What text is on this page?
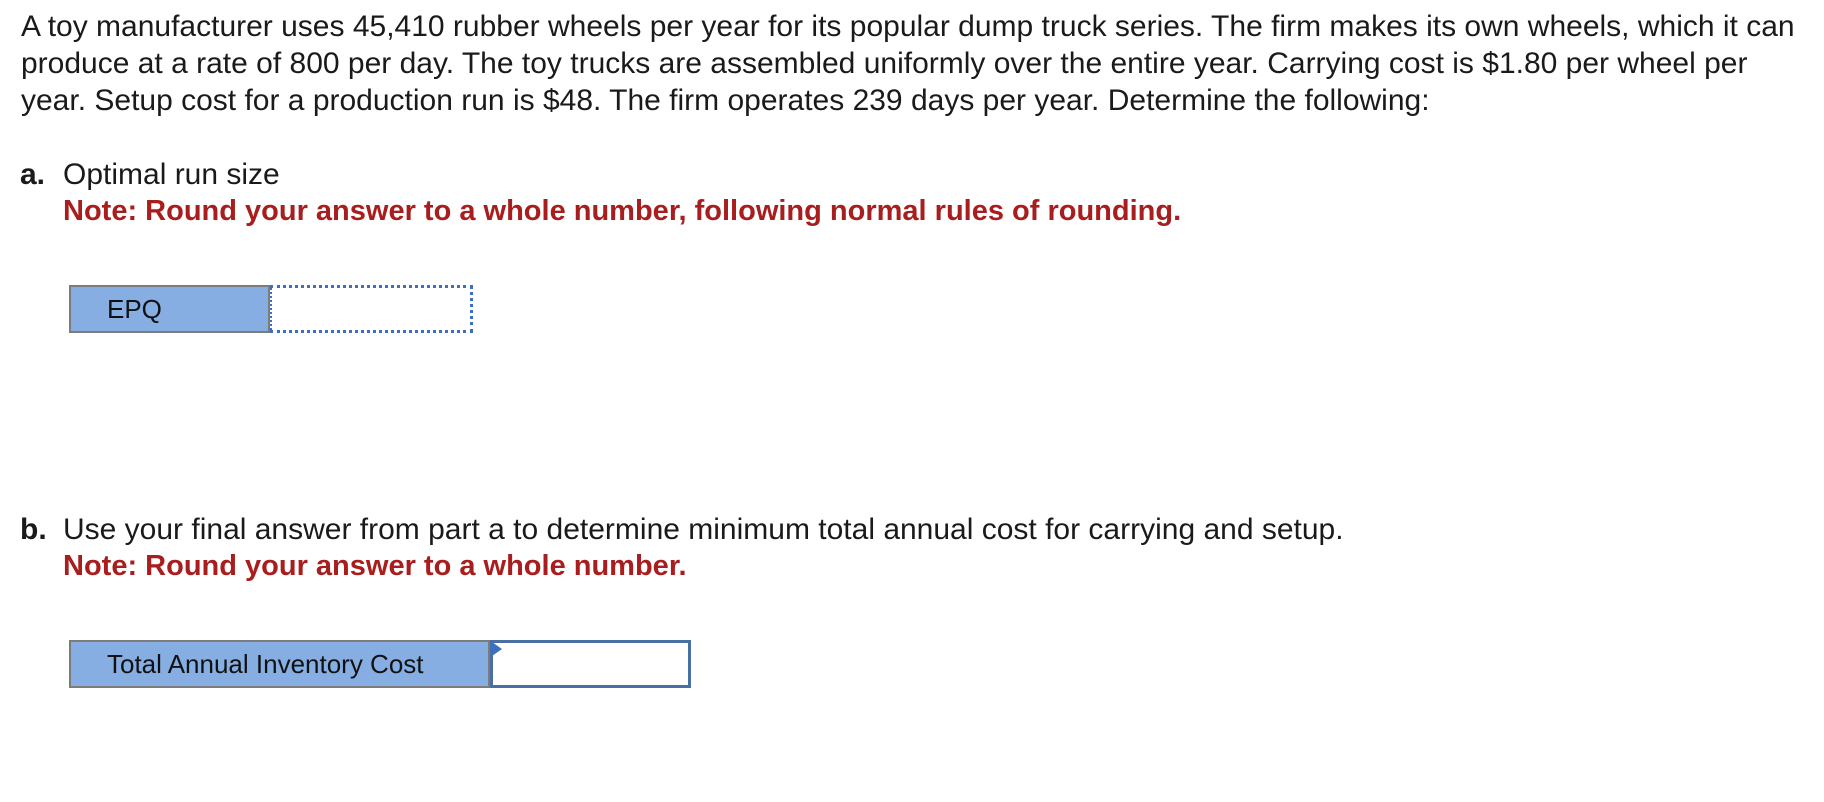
A toy manufacturer uses 45,410 rubber wheels per year for its popular dump truck series. The firm makes its own wheels, which it can produce at a rate of 800 per day. The toy trucks are assembled uniformly over the entire year. Carrying cost is $1.80 per wheel per year. Setup cost for a production run is $48. The firm operates 239 days per year. Determine the following:

a. Optimal run size
Note: Round your answer to a whole number, following normal rules of rounding.
EPQ
b. Use your final answer from part a to determine minimum total annual cost for carrying and setup.
Note: Round your answer to a whole number.
Total Annual Inventory Cost
